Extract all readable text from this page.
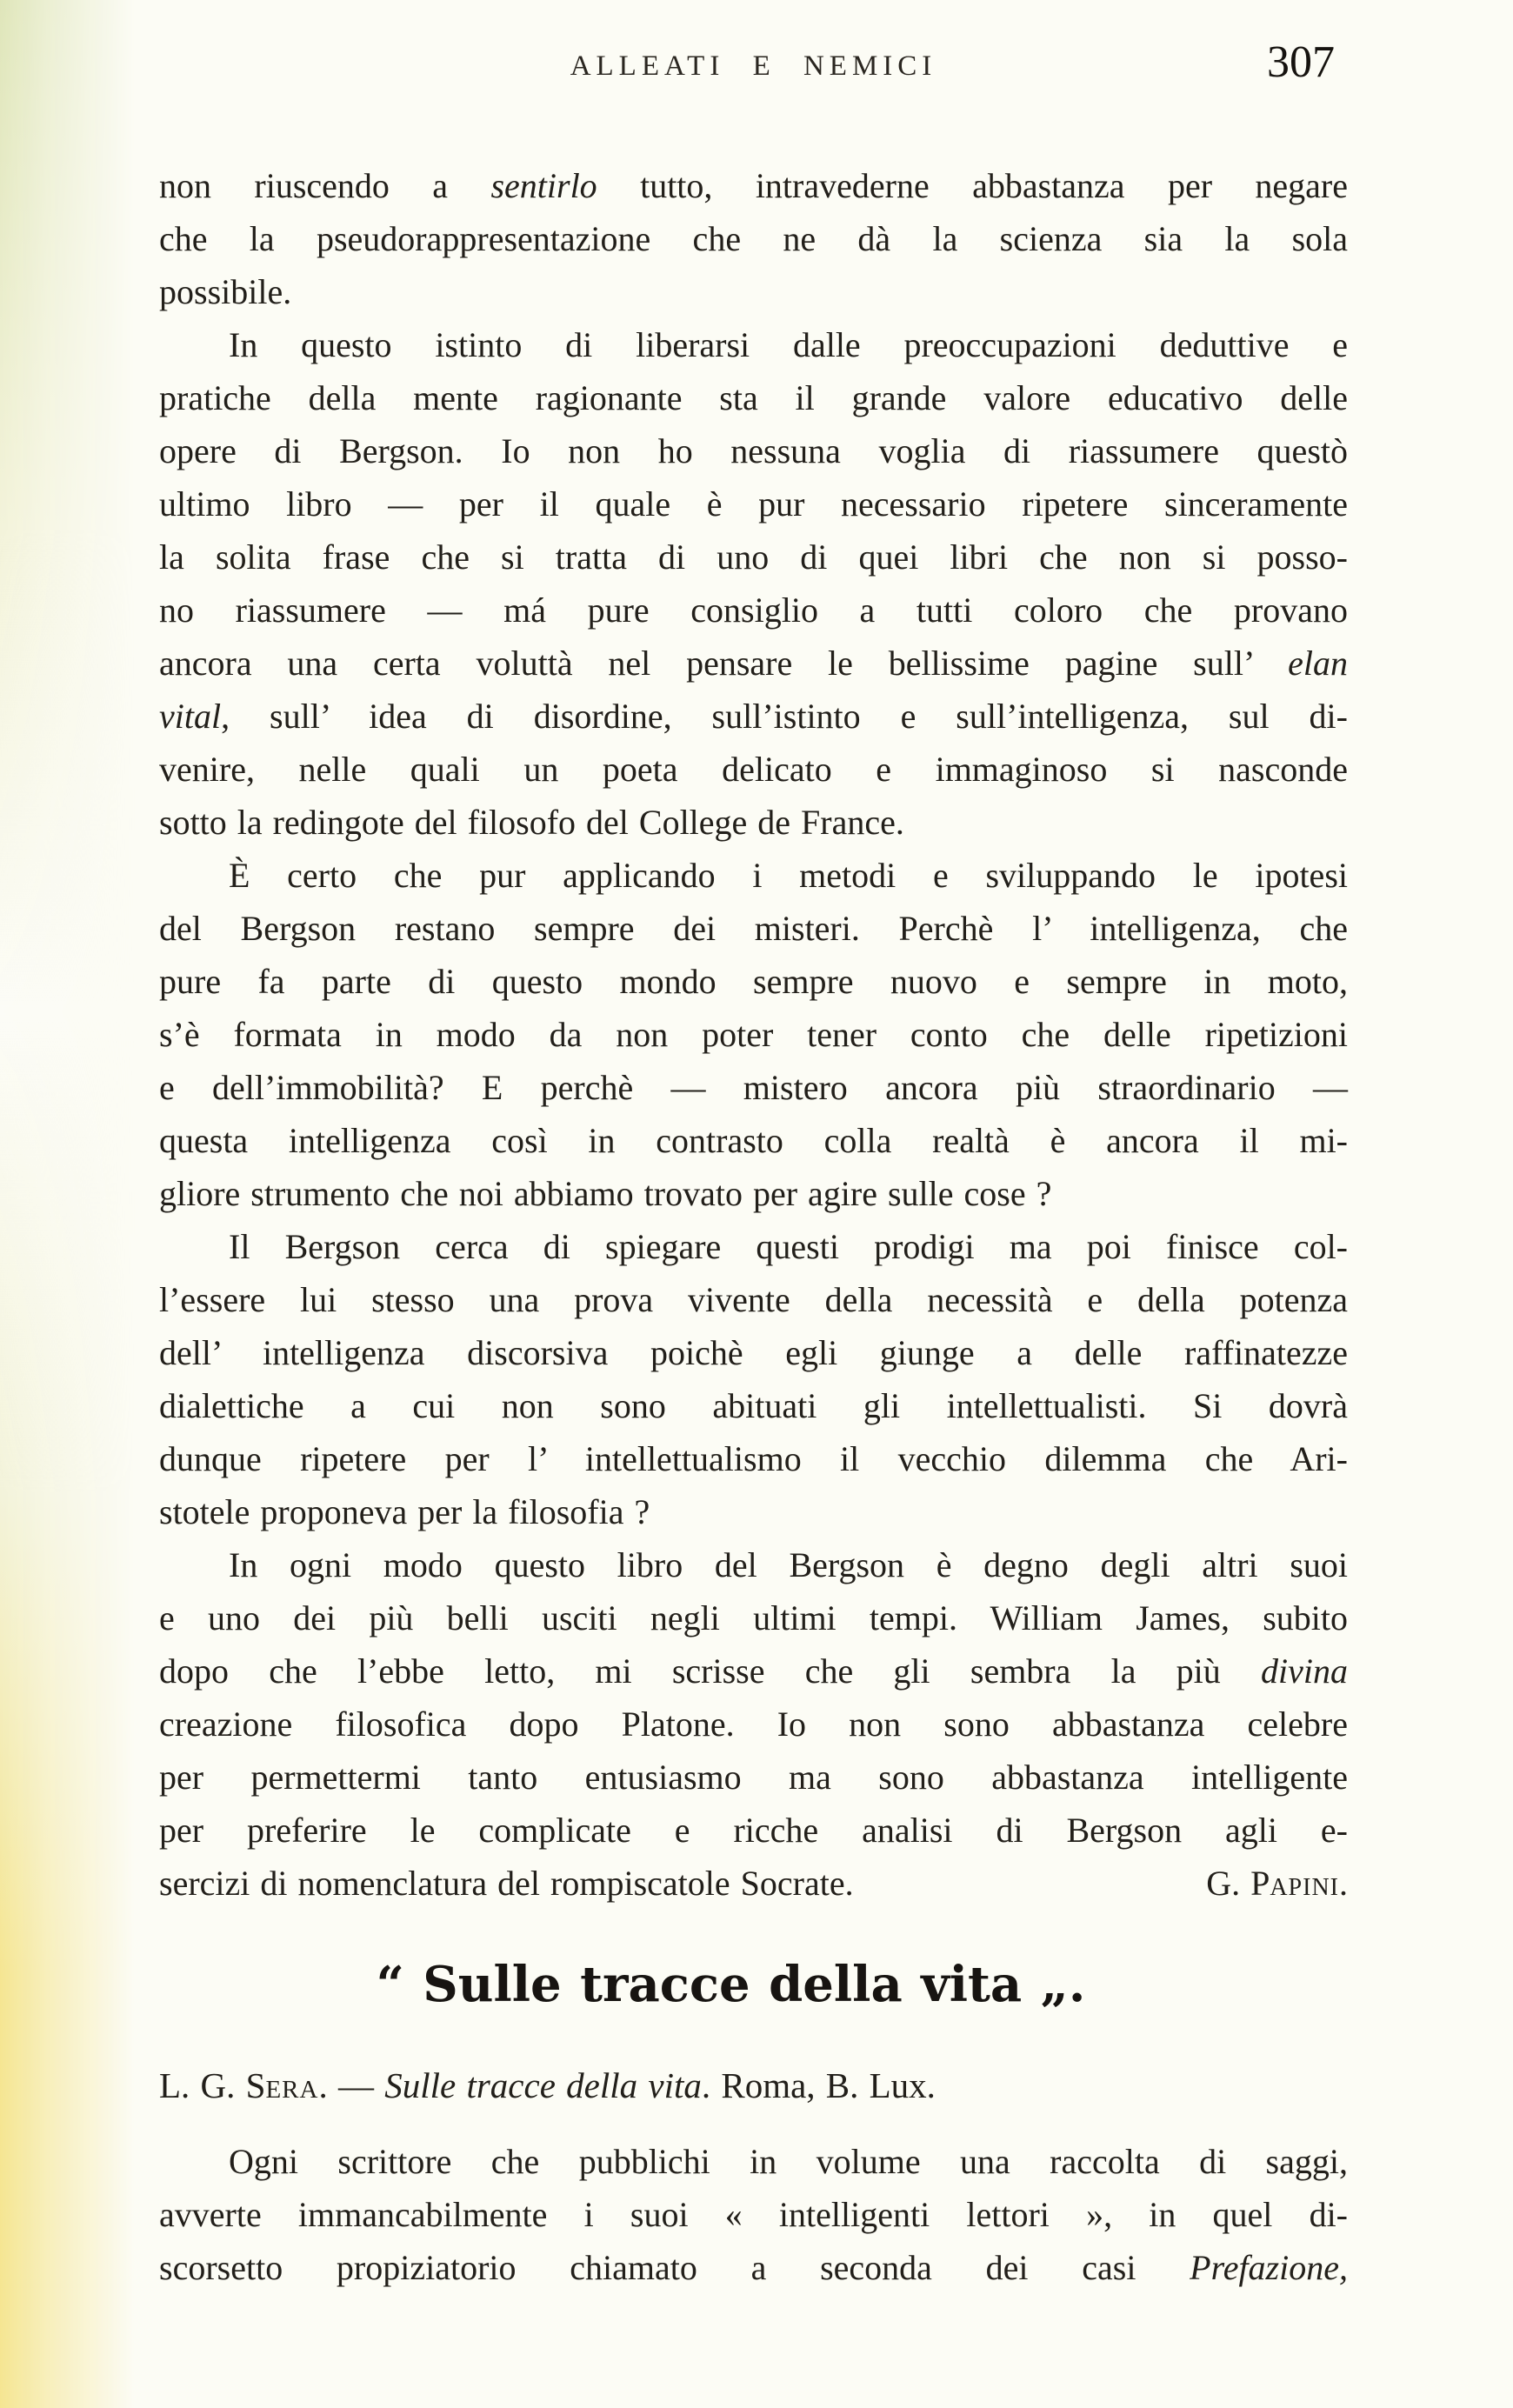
ALLEATI E NEMICI	307
non riuscendo a sentirlo tutto, intravederne abbastanza per negare
che la pseudorappresentazione che ne dà la scienza sia la sola
possibile.
In questo istinto di liberarsi dalle preoccupazioni deduttive e
pratiche della mente ragionante sta il grande valore educativo delle
opere di Bergson. Io non ho nessuna voglia di riassumere questò
ultimo libro — per il quale è pur necessario ripetere sinceramente
la solita frase che si tratta di uno di quei libri che non si posso-
no riassumere — má pure consiglio a tutti coloro che provano
ancora una certa voluttà nel pensare le bellissime pagine sull’ elan
vital, sull’ idea di disordine, sull’istinto e sull’intelligenza, sul di-
venire, nelle quali un poeta delicato e immaginoso si nasconde
sotto la redingote del filosofo del College de France.
È certo che pur applicando i metodi e sviluppando le ipotesi
del Bergson restano sempre dei misteri. Perchè l’ intelligenza, che
pure fa parte di questo mondo sempre nuovo e sempre in moto,
s’è formata in modo da non poter tener conto che delle ripetizioni
e dell’immobilità? E perchè — mistero ancora più straordinario —
questa intelligenza così in contrasto colla realtà è ancora il mi-
gliore strumento che noi abbiamo trovato per agire sulle cose ?
Il Bergson cerca di spiegare questi prodigi ma poi finisce col-
l’essere lui stesso una prova vivente della necessità e della potenza
dell’ intelligenza discorsiva poichè egli giunge a delle raffinatezze
dialettiche a cui non sono abituati gli intellettualisti. Si dovrà
dunque ripetere per l’ intellettualismo il vecchio dilemma che Ari-
stotele proponeva per la filosofia ?
In ogni modo questo libro del Bergson è degno degli altri suoi
e uno dei più belli usciti negli ultimi tempi. William James, subito
dopo che l’ebbe letto, mi scrisse che gli sembra la più divina
creazione filosofica dopo Platone. Io non sono abbastanza celebre
per permettermi tanto entusiasmo ma sono abbastanza intelligente
per preferire le complicate e ricche analisi di Bergson agli e-
sercizi di nomenclatura del rompiscatole Socrate.	G. Papini.
“ Sulle tracce della vita „.
L. G. Sera. — Sulle tracce della vita. Roma, B. Lux.
Ogni scrittore che pubblichi in volume una raccolta di saggi,
avverte immancabilmente i suoi « intelligenti lettori », in quel di-
scorsetto propiziatorio chiamato a seconda dei casi Prefazione,
